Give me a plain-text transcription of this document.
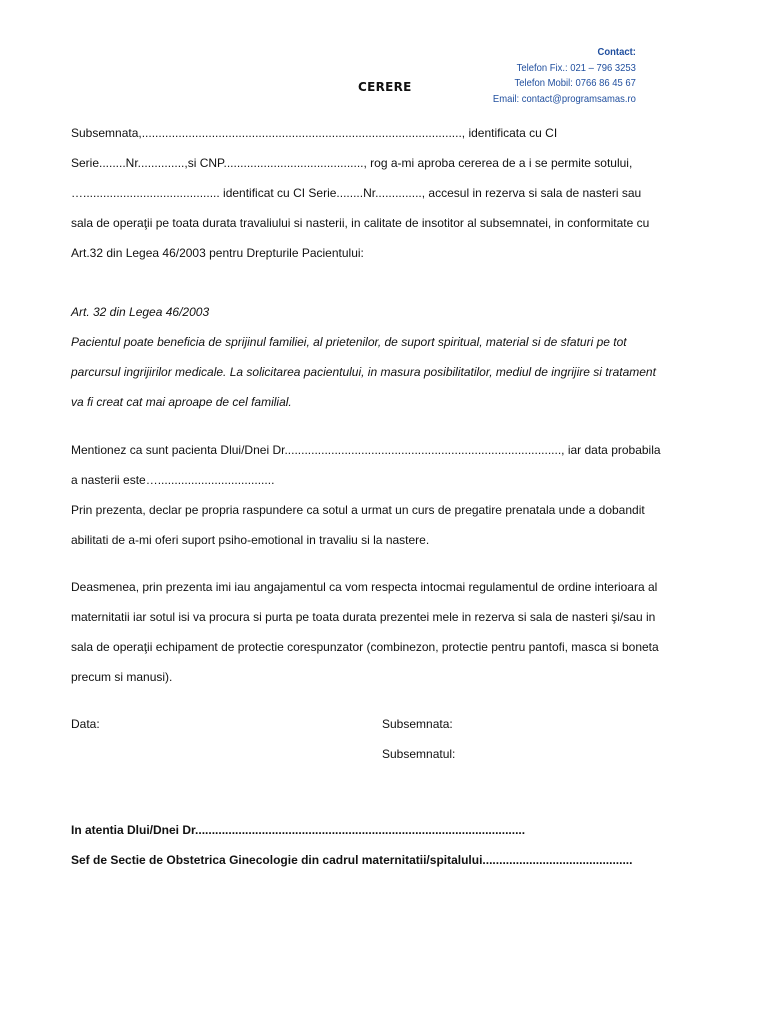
Contact:
Telefon Fix.: 021 – 796 3253
Telefon Mobil: 0766 86 45 67
Email: contact@programsamas.ro
CERERE
Subsemnata,................................................................................................, identificata cu CI
Serie........Nr..............,si CNP.........................................., rog a-mi aproba cererea de a i se permite sotului,
…......................................... identificat cu CI Serie........Nr.............., accesul in rezerva si sala de nasteri sau
sala de operaţii pe toata durata travaliului si nasterii, in calitate de insotitor al subsemnatei, in conformitate cu
Art.32 din Legea 46/2003 pentru Drepturile Pacientului:
Art. 32 din Legea 46/2003
Pacientul poate beneficia de sprijinul familiei, al prietenilor, de suport spiritual, material si de sfaturi pe tot
parcursul ingrijirilor medicale. La solicitarea pacientului, in masura posibilitatilor, mediul de ingrijire si tratament
va fi creat cat mai aproape de cel familial.
Mentionez ca sunt pacienta Dlui/Dnei Dr..................................................................................., iar data probabila
a nasterii este…...................................
Prin prezenta, declar pe propria raspundere ca sotul a urmat un curs de pregatire prenatala unde a dobandit
abilitati de a-mi oferi suport psiho-emotional in travaliu si la nastere.
Deasmenea, prin prezenta imi iau angajamentul ca vom respecta intocmai regulamentul de ordine interioara al
maternitatii iar sotul isi va procura si purta pe toata durata prezentei mele in rezerva si sala de nasteri şi/sau in
sala de operaţii echipament de protectie corespunzator (combinezon, protectie pentru pantofi, masca si boneta
precum si manusi).
Data:	Subsemnata:
Subsemnatul:
In atentia Dlui/Dnei Dr...................................................................................................
Sef de Sectie de Obstetrica Ginecologie din cadrul maternitatii/spitalului.............................................
